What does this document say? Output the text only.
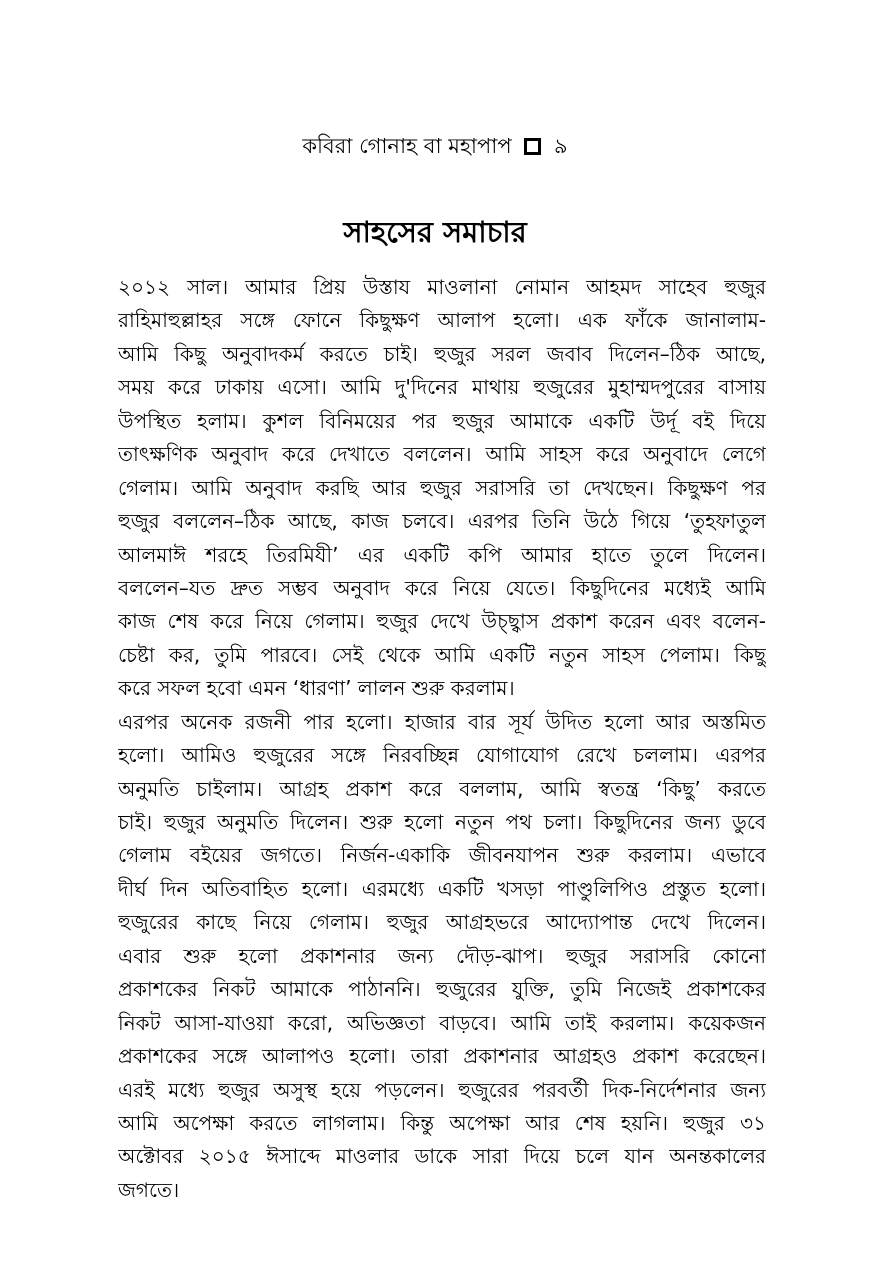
কবিরা গোনাহ বা মহাপাপ ৯
সাহসের সমাচার
২০১২ সাল। আমার প্রিয় উস্তায মাওলানা নোমান আহমদ সাহেব হুজুর
রাহিমাহুল্লাহর সঙ্গে ফোনে কিছুক্ষণ আলাপ হলো। এক ফাঁকে জানালাম-
আমি কিছু অনুবাদকর্ম করতে চাই। হুজুর সরল জবাব দিলেন–ঠিক আছে,
সময় করে ঢাকায় এসো। আমি দু'দিনের মাথায় হুজুরের মুহাম্মদপুরের বাসায়
উপস্থিত হলাম। কুশল বিনিময়ের পর হুজুর আমাকে একটি উর্দূ বই দিয়ে
তাৎক্ষণিক অনুবাদ করে দেখাতে বললেন। আমি সাহস করে অনুবাদে লেগে
গেলাম। আমি অনুবাদ করছি আর হুজুর সরাসরি তা দেখছেন। কিছুক্ষণ পর
হুজুর বললেন–ঠিক আছে, কাজ চলবে। এরপর তিনি উঠে গিয়ে ‘তুহফাতুল
আলমাঈ শরহে তিরমিযী’ এর একটি কপি আমার হাতে তুলে দিলেন।
বললেন–যত দ্রুত সম্ভব অনুবাদ করে নিয়ে যেতে। কিছুদিনের মধ্যেই আমি
কাজ শেষ করে নিয়ে গেলাম। হুজুর দেখে উচ্ছ্বাস প্রকাশ করেন এবং বলেন-
চেষ্টা কর, তুমি পারবে। সেই থেকে আমি একটি নতুন সাহস পেলাম। কিছু
করে সফল হবো এমন ‘ধারণা’ লালন শুরু করলাম।
এরপর অনেক রজনী পার হলো। হাজার বার সূর্য উদিত হলো আর অস্তমিত
হলো। আমিও হুজুরের সঙ্গে নিরবচ্ছিন্ন যোগাযোগ রেখে চললাম। এরপর
অনুমতি চাইলাম। আগ্রহ প্রকাশ করে বললাম, আমি স্বতন্ত্র ‘কিছু’ করতে
চাই। হুজুর অনুমতি দিলেন। শুরু হলো নতুন পথ চলা। কিছুদিনের জন্য ডুবে
গেলাম বইয়ের জগতে। নির্জন-একাকি জীবনযাপন শুরু করলাম। এভাবে
দীর্ঘ দিন অতিবাহিত হলো। এরমধ্যে একটি খসড়া পাণ্ডুলিপিও প্রস্তুত হলো।
হুজুরের কাছে নিয়ে গেলাম। হুজুর আগ্রহভরে আদ্যোপান্ত দেখে দিলেন।
এবার শুরু হলো প্রকাশনার জন্য দৌড়-ঝাপ। হুজুর সরাসরি কোনো
প্রকাশকের নিকট আমাকে পাঠাননি। হুজুরের যুক্তি, তুমি নিজেই প্রকাশকের
নিকট আসা-যাওয়া করো, অভিজ্ঞতা বাড়বে। আমি তাই করলাম। কয়েকজন
প্রকাশকের সঙ্গে আলাপও হলো। তারা প্রকাশনার আগ্রহও প্রকাশ করেছেন।
এরই মধ্যে হুজুর অসুস্থ হয়ে পড়লেন। হুজুরের পরবর্তী দিক-নির্দেশনার জন্য
আমি অপেক্ষা করতে লাগলাম। কিন্তু অপেক্ষা আর শেষ হয়নি। হুজুর ৩১
অক্টোবর ২০১৫ ঈসাব্দে মাওলার ডাকে সারা দিয়ে চলে যান অনন্তকালের
জগতে।
